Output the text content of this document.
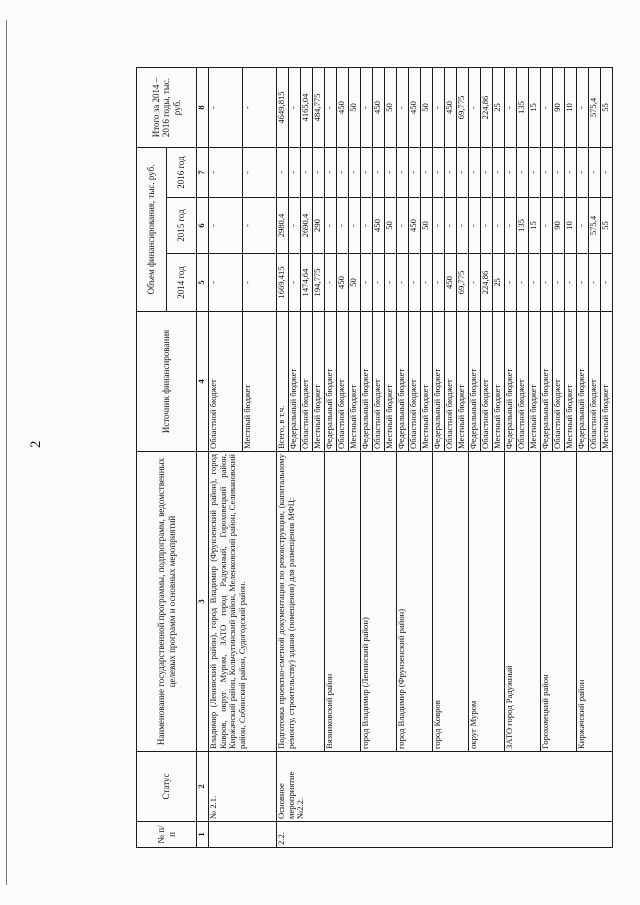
2
№ п/п	Статус	Наименование государственной программы, подпрограмм, ведомственных целевых программ и основных мероприятий	Источник финансирования	Объем финансирования, тыс. руб.			Итого за 2014 – 2016 годы, тыс. руб.
				2014 год	2015 год	2016 год	
1	2	3	4	5	6	7	8
	№ 2.1.	Владимир (Ленинский район), город Владимир (Фрунзенский район), город Ковров, округ Муром, ЗАТО город Радужный, Гороховецкий район, Киржачский район, Кольчугинский район, Меленковский район, Селивановский район, Собинский район, Судогодский район.	Областной бюджет	-	-	-	-
			Местный бюджет	-	-	-	-
2.2.	Основное мероприятие №2.2.	Подготовка проектно-сметной документации по реконструкции, (капитальному ремонту, строительству) здания (помещения) для размещения МФЦ:	Всего, в т.ч.	1669,415	2980,4	-	4649,815
			Федеральный бюджет	-	-	-	-
			Областной бюджет	1474,64	2690,4	-	4165,04
			Местный бюджет	194,775	290	-	484,775
		Вязниковский район	Федеральный бюджет	-	-	-	-
			Областной бюджет	450	-	-	450
			Местный бюджет	50	-	-	50
		город Владимир (Ленинский район)	Федеральный бюджет	-	-	-	-
			Областной бюджет	-	450	-	450
			Местный бюджет	-	50	-	50
		город Владимир (Фрунзенский район)	Федеральный бюджет	-	-	-	-
			Областной бюджет	-	450	-	450
			Местный бюджет	-	50	-	50
		город Ковров	Федеральный бюджет	-	-	-	-
			Областной бюджет	450	-	-	450
			Местный бюджет	69,775	-	-	69,775
		округ Муром	Федеральный бюджет	-	-	-	-
			Областной бюджет	224,86	-	-	224,86
			Местный бюджет	25	-	-	25
		ЗАТО город Радужный	Федеральный бюджет	-	-	-	-
			Областной бюджет	-	135	-	135
			Местный бюджет	-	15	-	15
		Гороховецкий район	Федеральный бюджет	-	-	-	-
			Областной бюджет	-	90	-	90
			Местный бюджет	-	10	-	10
		Киржачский район	Федеральный бюджет	-	-	-	-
			Областной бюджет	-	575,4	-	575,4
			Местный бюджет	-	55	-	55
